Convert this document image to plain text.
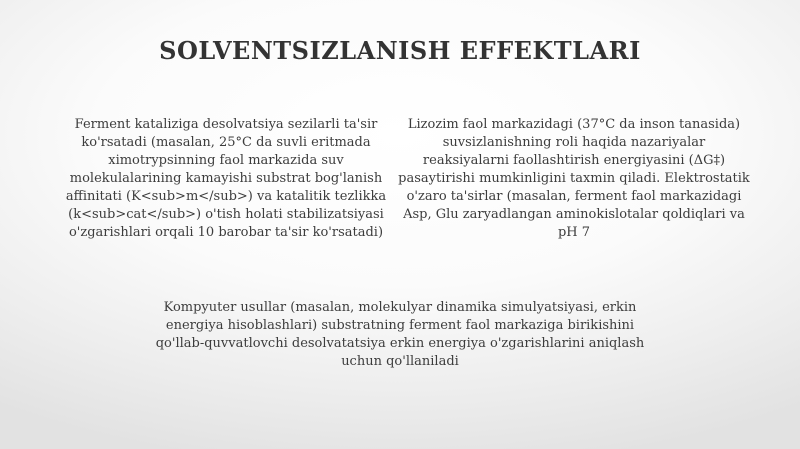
SOLVENTSIZLANISH EFFEKTLARI

Ferment kataliziga desolvatsiya sezilarli ta'sir ko'rsatadi (masalan, 25°C da suvli eritmada ximotrypsinning faol markazida suv molekulalarining kamayishi substrat bog'lanish affinitati (K<sub>m</sub>) va katalitik tezlikka (k<sub>cat</sub>) o'tish holati stabilizatsiyasi o'zgarishlari orqali 10 barobar ta'sir ko'rsatadi)

Lizozim faol markazidagi (37°C da inson tanasida) suvsizlanishning roli haqida nazariyalar reaksiyalarni faollashtirish energiyasini (ΔG‡) pasaytirishi mumkinligini taxmin qiladi. Elektrostatik o'zaro ta'sirlar (masalan, ferment faol markazidagi Asp, Glu zaryadlangan aminokislotalar qoldiqlari va pH 7

Kompyuter usullar (masalan, molekulyar dinamika simulyatsiyasi, erkin energiya hisoblashlari) substratning ferment faol markaziga birikishini qo'llab-quvvatlovchi desolvatatsiya erkin energiya o'zgarishlarini aniqlash uchun qo'llaniladi
